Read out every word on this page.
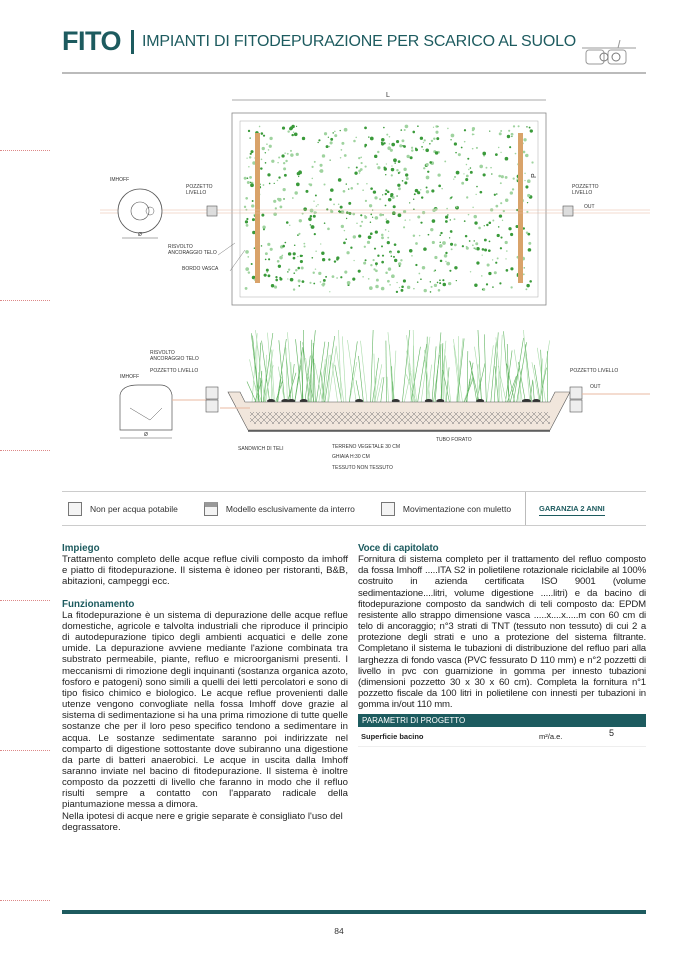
FITO IMPIANTI DI FITODEPURAZIONE PER SCARICO AL SUOLO
L
P
Ø
IMHOFF
POZZETTO
LIVELLO
RISVOLTO
ANCORAGGIO TELO
BORDO VASCA
POZZETTO
LIVELLO
OUT
IMHOFF
Ø
RISVOLTO
ANCORAGGIO TELO
POZZETTO LIVELLO	POZZETTO LIVELLO
OUT
SANDWICH DI TELI	TERRENO VEGETALE 30 CM
GHIAIA H:30 CM
TESSUTO NON TESSUTO
TUBO FORATO
Non per acqua potabile	Modello esclusivamente da interro	Movimentazione con muletto	GARANZIA 2 ANNI
Impiego

Trattamento completo delle acque reflue civili composto da imhoff e piatto di fitodepurazione. Il sistema è idoneo per ristoranti, B&B, abitazioni, campeggi ecc.

Funzionamento

La fitodepurazione è un sistema di depurazione delle acque reflue domestiche, agricole e talvolta industriali che riproduce il principio di autodepurazione tipico degli ambienti acquatici e delle zone umide. La depurazione avviene mediante l'azione combinata tra substrato permeabile, piante, refluo e microorganismi presenti. I meccanismi di rimozione degli inquinanti (sostanza organica azoto, fosforo e patogeni) sono simili a quelli dei letti percolatori e sono di tipo fisico chimico e biologico. Le acque reflue provenienti dalle utenze vengono convogliate nella fossa Imhoff dove grazie al sistema di sedimentazione si ha una prima rimozione di tutte quelle sostanze che per il loro peso specifico tendono a sedimentare in acqua. Le sostanze sedimentate saranno poi indirizzate nel comparto di digestione sottostante dove subiranno una digestione da parte di batteri anaerobici. Le acque in uscita dalla Imhoff saranno inviate nel bacino di fitodepurazione. Il sistema è inoltre composto da pozzetti di livello che faranno in modo che il refluo risulti sempre a contatto con l'apparato radicale della piantumazione messa a dimora.

Nella ipotesi di acque nere e grigie separate è consigliato l'uso del degrassatore.

Voce di capitolato

Fornitura di sistema completo per il trattamento del refluo composto da fossa Imhoff .....ITA S2 in polietilene rotazionale riciclabile al 100% costruito in azienda certificata ISO 9001 (volume sedimentazione....litri, volume digestione .....litri) e da bacino di fitodepurazione composto da sandwich di teli composto da: EPDM resistente allo strappo dimensione vasca .....x....x.....m con 60 cm di telo di ancoraggio; n°3 strati di TNT (tessuto non tessuto) di cui 2 a protezione degli strati e uno a protezione del sistema filtrante. Completano il sistema le tubazioni di distribuzione del refluo pari alla larghezza di fondo vasca (PVC fessurato D 110 mm) e n°2 pozzetti di livello in pvc con guarnizione in gomma per innesto tubazioni (dimensioni pozzetto 30 x 30 x 60 cm). Completa la fornitura n°1 pozzetto fiscale da 100 litri in polietilene con innesti per tubazioni in gomma in/out 110 mm.

PARAMETRI DI PROGETTO
Superficie bacino	m²/a.e.	5
84
